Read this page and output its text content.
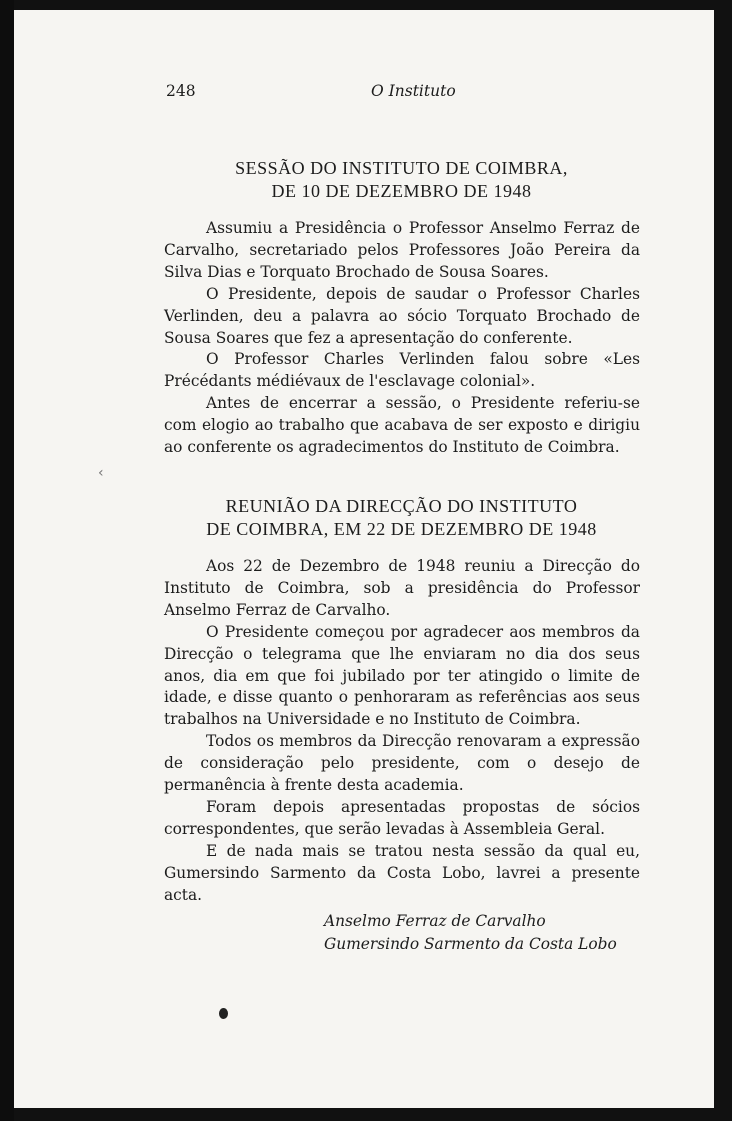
248	O Instituto
SESSÃO DO INSTITUTO DE COIMBRA,
DE 10 DE DEZEMBRO DE 1948

Assumiu a Presidência o Professor Anselmo Ferraz de Carvalho, secretariado pelos Professores João Pereira da Silva Dias e Torquato Brochado de Sousa Soares.

O Presidente, depois de saudar o Professor Charles Verlinden, deu a palavra ao sócio Torquato Brochado de Sousa Soares que fez a apresentação do conferente.

O Professor Charles Verlinden falou sobre «Les Précédants médiévaux de l'esclavage colonial».

Antes de encerrar a sessão, o Presidente referiu-se com elogio ao trabalho que acabava de ser exposto e dirigiu ao conferente os agradecimentos do Instituto de Coimbra.

REUNIÃO DA DIRECÇÃO DO INSTITUTO
DE COIMBRA, EM 22 DE DEZEMBRO DE 1948

Aos 22 de Dezembro de 1948 reuniu a Direcção do Instituto de Coimbra, sob a presidência do Professor Anselmo Ferraz de Carvalho.

O Presidente começou por agradecer aos membros da Direcção o telegrama que lhe enviaram no dia dos seus anos, dia em que foi jubilado por ter atingido o limite de idade, e disse quanto o penhoraram as referências aos seus trabalhos na Universidade e no Instituto de Coimbra.

Todos os membros da Direcção renovaram a expressão de consideração pelo presidente, com o desejo de permanência à frente desta academia.

Foram depois apresentadas propostas de sócios correspondentes, que serão levadas à Assembleia Geral.

E de nada mais se tratou nesta sessão da qual eu, Gumersindo Sarmento da Costa Lobo, lavrei a presente acta.

Anselmo Ferraz de Carvalho
Gumersindo Sarmento da Costa Lobo
‹
